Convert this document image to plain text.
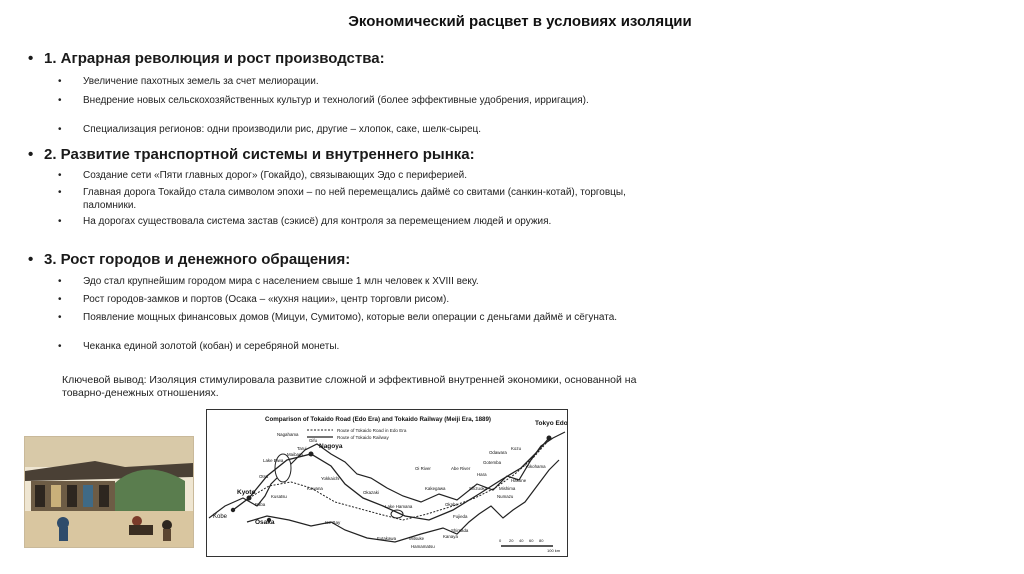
Экономический расцвет в условиях изоляции
• 1. Аграрная революция и рост производства:
•	Увеличение пахотных земель за счет мелиорации.
•	Внедрение новых сельскохозяйственных культур и технологий (более эффективные удобрения, ирригация).
•	Специализация регионов: одни производили рис, другие – хлопок, саке, шелк-сырец.
• 2. Развитие транспортной системы и внутреннего рынка:
•	Создание сети «Пяти главных дорог» (Гокайдо), связывающих Эдо с периферией.
•	Главная дорога Токайдо стала символом эпохи – по ней перемещались даймё со свитами (санкин-котай), торговцы, паломники.
•	На дорогах существовала система застав (сэкисё) для контроля за перемещением людей и оружия.
• 3. Рост городов и денежного обращения:
•	Эдо стал крупнейшим городом мира с населением свыше 1 млн человек к XVIII веку.
•	Рост городов-замков и портов (Осака – «кухня нации», центр торговли рисом).
•	Появление мощных финансовых домов (Мицуи, Сумитомо), которые вели операции с деньгами даймё и сёгуната.
•	Чеканка единой золотой (кобан) и серебряной монеты.
Ключевой вывод: Изоляция стимулировала развитие сложной и эффективной внутренней экономики, основанной на товарно-денежных отношениях.
Comparison of Tokaido Road (Edo Era) and Tokaido Railway (Meiji Era, 1889)
Route of Tokaido Road in Edo Era
Route of Tokaido Railway
Tokyo Edo
Kyoto
Osaka
Kobe
Nagoya
Nagahama
Lake Biwa
Maibara
Tarui
Gifu
Otsu
Baba
Kusatsu
Kuwana
Yokkaichi
Ise Bay
Okazaki
Lake Hamana
Kakegawa
Oi River	Abe River
Okabe
Fujieda
Shimada
Shizuoka
Hara
Gotemba
Mishima
Numazu
Hakone
Odawara
Kozu
Yokohama
Futakawa	Mitsuke
Hamamatsu
Kanaya
0 20 40 60 80
100 km
